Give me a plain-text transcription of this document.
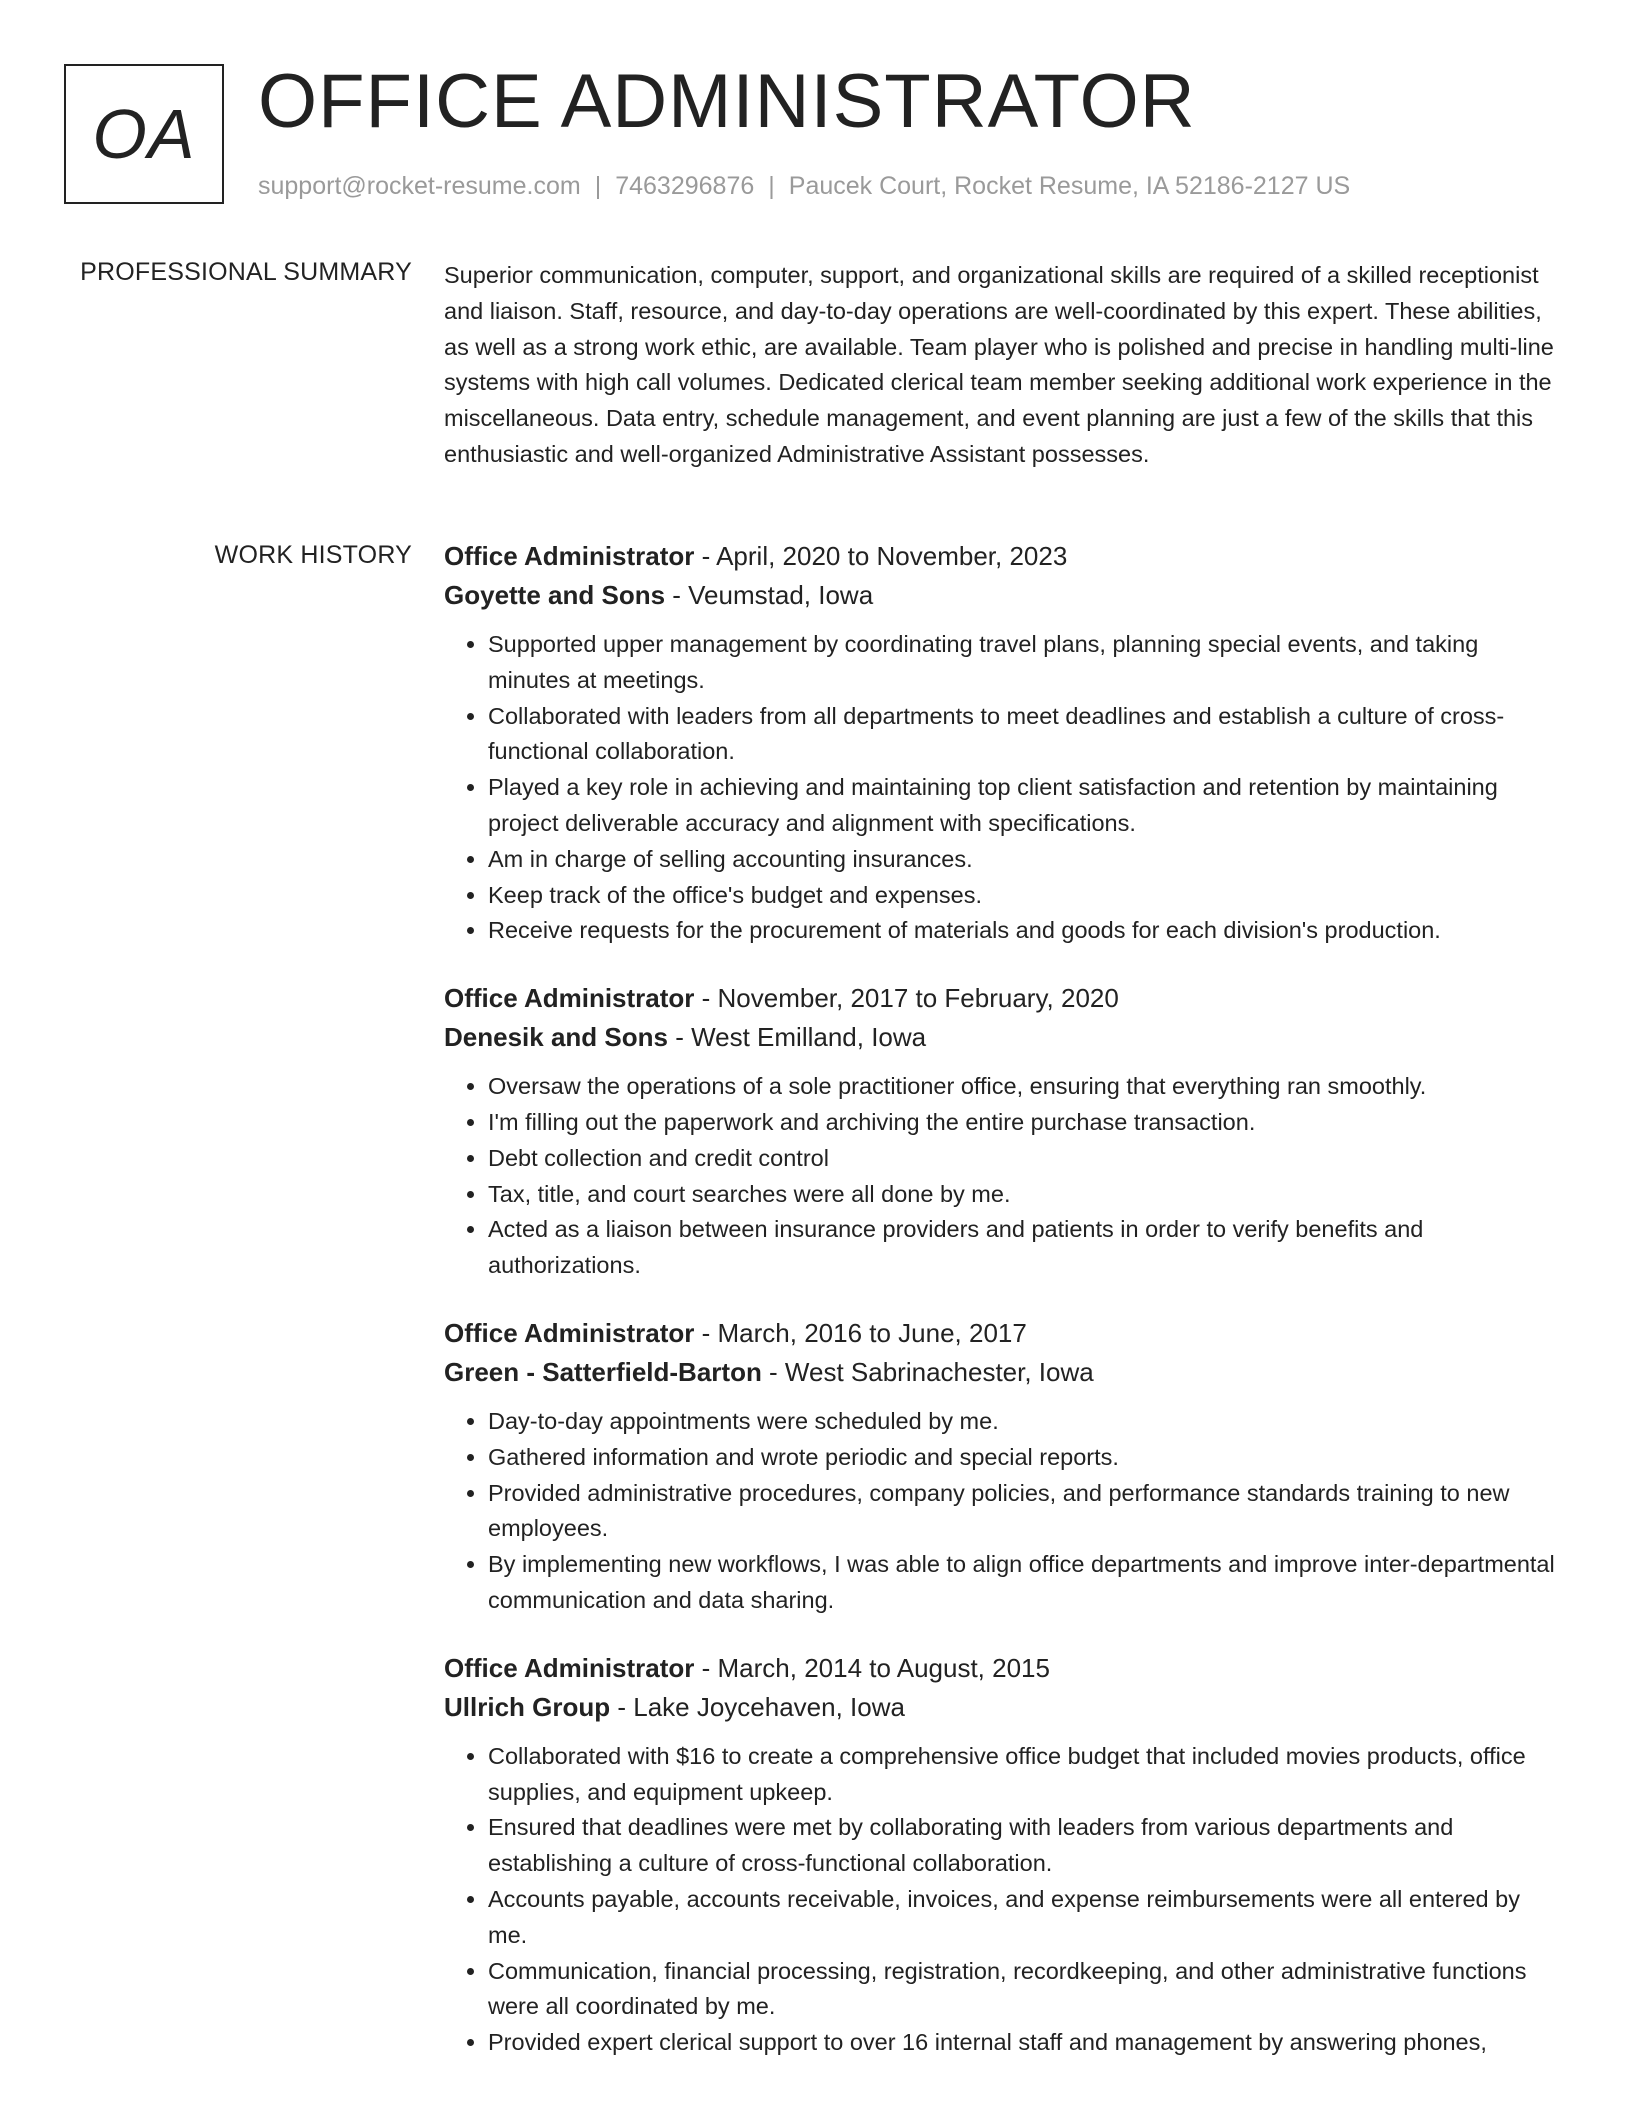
OA OFFICE ADMINISTRATOR
support@rocket-resume.com | 7463296876 | Paucek Court, Rocket Resume, IA 52186-2127 US
PROFESSIONAL SUMMARY Superior communication, computer, support, and organizational skills are required of a skilled receptionist and liaison. Staff, resource, and day-to-day operations are well-coordinated by this expert. These abilities, as well as a strong work ethic, are available. Team player who is polished and precise in handling multi-line systems with high call volumes. Dedicated clerical team member seeking additional work experience in the miscellaneous. Data entry, schedule management, and event planning are just a few of the skills that this enthusiastic and well-organized Administrative Assistant possesses.

WORK HISTORY Office Administrator - April, 2020 to November, 2023
Goyette and Sons - Veumstad, Iowa
• Supported upper management by coordinating travel plans, planning special events, and taking minutes at meetings.
• Collaborated with leaders from all departments to meet deadlines and establish a culture of cross-functional collaboration.
• Played a key role in achieving and maintaining top client satisfaction and retention by maintaining project deliverable accuracy and alignment with specifications.
• Am in charge of selling accounting insurances.
• Keep track of the office's budget and expenses.
• Receive requests for the procurement of materials and goods for each division's production.
Office Administrator - November, 2017 to February, 2020
Denesik and Sons - West Emilland, Iowa
• Oversaw the operations of a sole practitioner office, ensuring that everything ran smoothly.
• I'm filling out the paperwork and archiving the entire purchase transaction.
• Debt collection and credit control
• Tax, title, and court searches were all done by me.
• Acted as a liaison between insurance providers and patients in order to verify benefits and authorizations.
Office Administrator - March, 2016 to June, 2017
Green - Satterfield-Barton - West Sabrinachester, Iowa
• Day-to-day appointments were scheduled by me.
• Gathered information and wrote periodic and special reports.
• Provided administrative procedures, company policies, and performance standards training to new employees.
• By implementing new workflows, I was able to align office departments and improve inter-departmental communication and data sharing.
Office Administrator - March, 2014 to August, 2015
Ullrich Group - Lake Joycehaven, Iowa
• Collaborated with $16 to create a comprehensive office budget that included movies products, office supplies, and equipment upkeep.
• Ensured that deadlines were met by collaborating with leaders from various departments and establishing a culture of cross-functional collaboration.
• Accounts payable, accounts receivable, invoices, and expense reimbursements were all entered by me.
• Communication, financial processing, registration, recordkeeping, and other administrative functions were all coordinated by me.
• Provided expert clerical support to over 16 internal staff and management by answering phones,
